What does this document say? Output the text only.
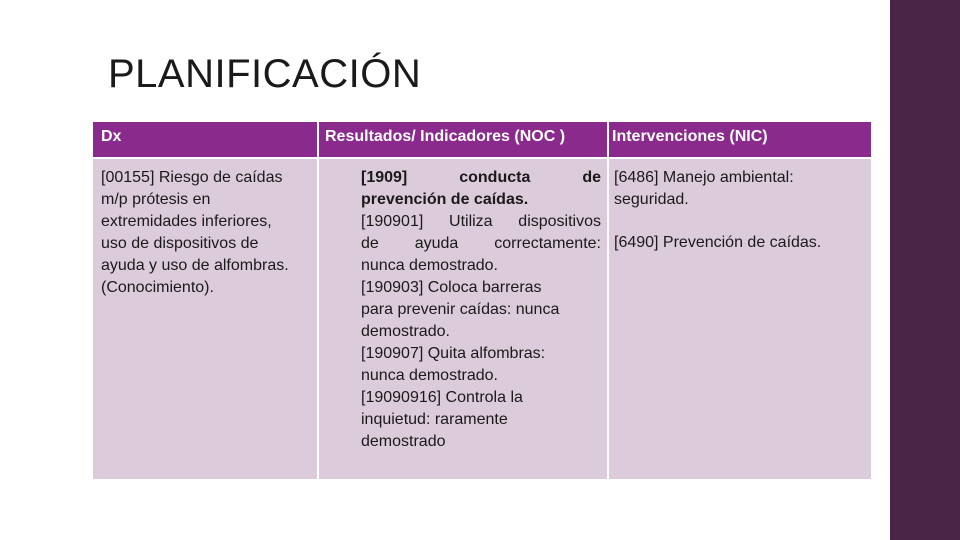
PLANIFICACIÓN
Dx	Resultados/ Indicadores (NOC )	Intervenciones (NIC)
[00155] Riesgo de caídas
m/p prótesis en
extremidades inferiores,
uso de dispositivos de
ayuda y uso de alfombras.
(Conocimiento).
[1909]        conducta        de
prevención de caídas.
[190901]  Utiliza  dispositivos
de   ayuda   correctamente:
nunca demostrado.
[190903] Coloca barreras
para prevenir caídas: nunca
demostrado.
[190907] Quita alfombras:
nunca demostrado.
[19090916] Controla la
inquietud: raramente
demostrado
[6486] Manejo ambiental:
seguridad.
[6490] Prevención de caídas.
